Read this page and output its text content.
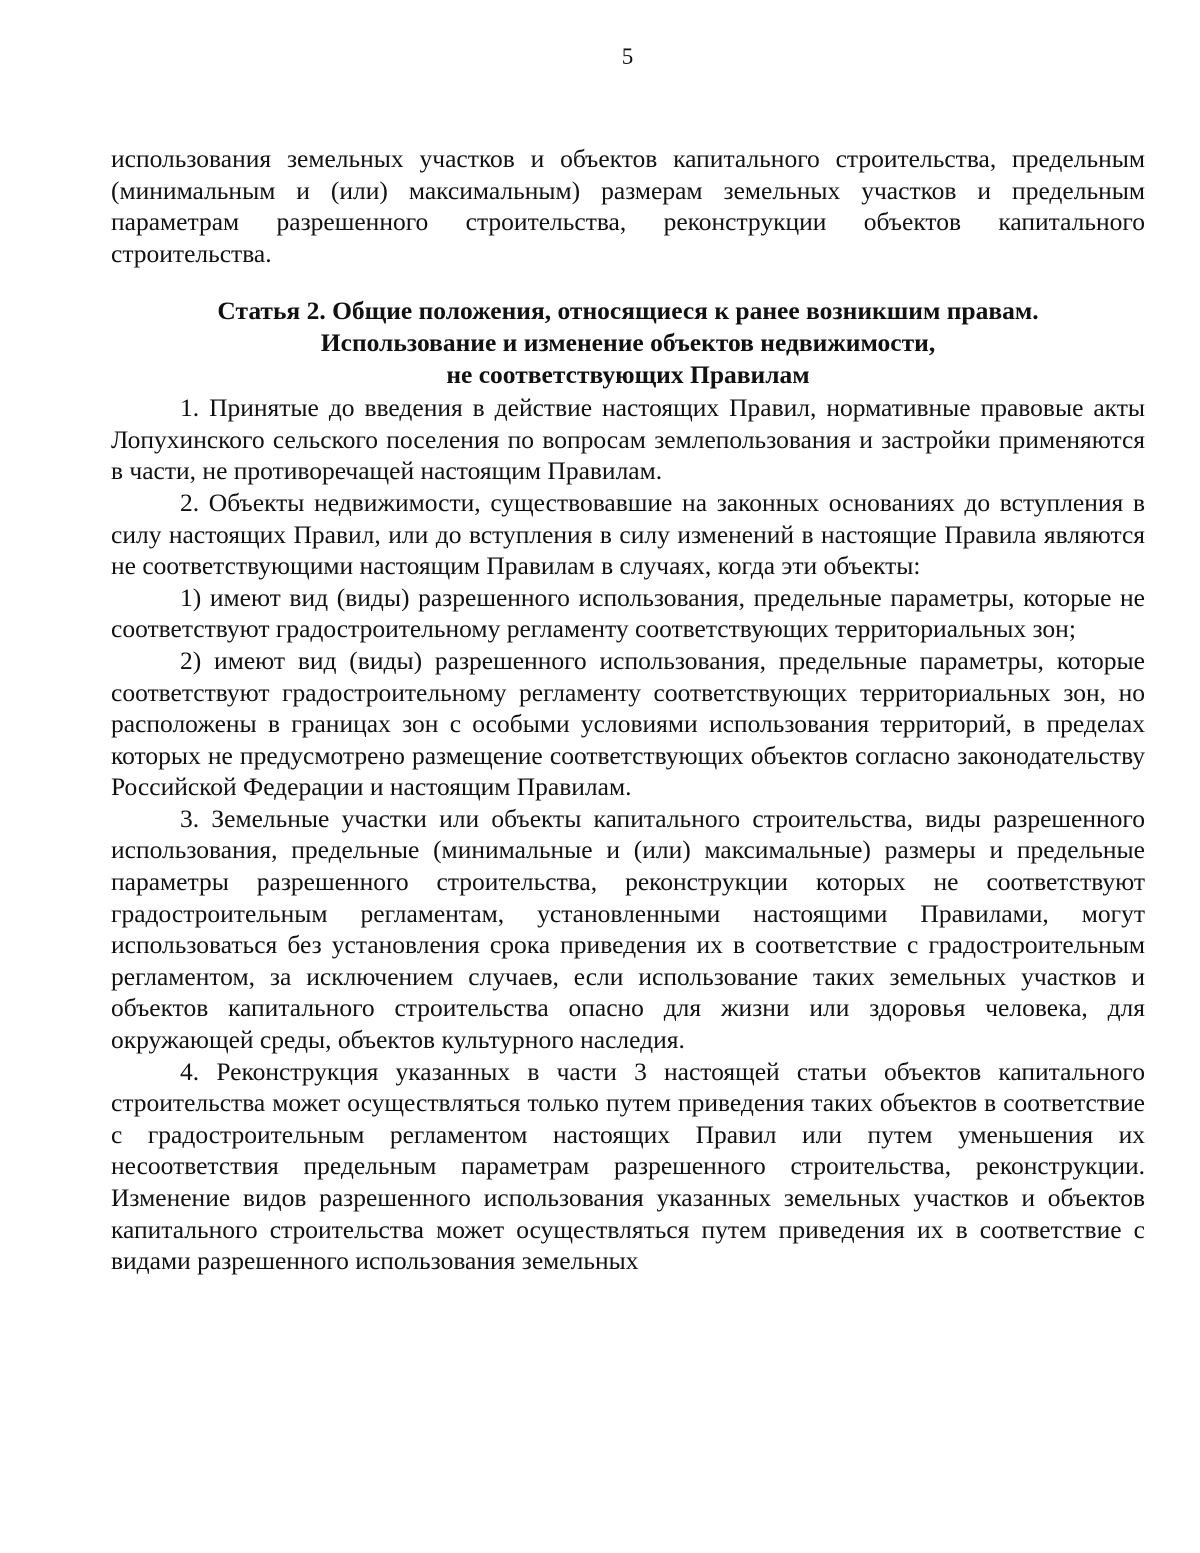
5

использования земельных участков и объектов капитального строительства, предельным (минимальным и (или) максимальным) размерам земельных участков и предельным параметрам разрешенного строительства, реконструкции объектов капитального строительства.

Статья 2. Общие положения, относящиеся к ранее возникшим правам.
Использование и изменение объектов недвижимости,
не соответствующих Правилам

1. Принятые до введения в действие настоящих Правил, нормативные правовые акты Лопухинского сельского поселения по вопросам землепользования и застройки применяются в части, не противоречащей настоящим Правилам.

2. Объекты недвижимости, существовавшие на законных основаниях до вступления в силу настоящих Правил, или до вступления в силу изменений в настоящие Правила являются не соответствующими настоящим Правилам в случаях, когда эти объекты:

1) имеют вид (виды) разрешенного использования, предельные параметры, которые не соответствуют градостроительному регламенту соответствующих территориальных зон;

2) имеют вид (виды) разрешенного использования, предельные параметры, которые соответствуют градостроительному регламенту соответствующих территориальных зон, но расположены в границах зон с особыми условиями использования территорий, в пределах которых не предусмотрено размещение соответствующих объектов согласно законодательству Российской Федерации и настоящим Правилам.

3. Земельные участки или объекты капитального строительства, виды разрешенного использования, предельные (минимальные и (или) максимальные) размеры и предельные параметры разрешенного строительства, реконструкции которых не соответствуют градостроительным регламентам, установленными настоящими Правилами, могут использоваться без установления срока приведения их в соответствие с градостроительным регламентом, за исключением случаев, если использование таких земельных участков и объектов капитального строительства опасно для жизни или здоровья человека, для окружающей среды, объектов культурного наследия.

4. Реконструкция указанных в части 3 настоящей статьи объектов капитального строительства может осуществляться только путем приведения таких объектов в соответствие с градостроительным регламентом настоящих Правил или путем уменьшения их несоответствия предельным параметрам разрешенного строительства, реконструкции. Изменение видов разрешенного использования указанных земельных участков и объектов капитального строительства может осуществляться путем приведения их в соответствие с видами разрешенного использования земельных
